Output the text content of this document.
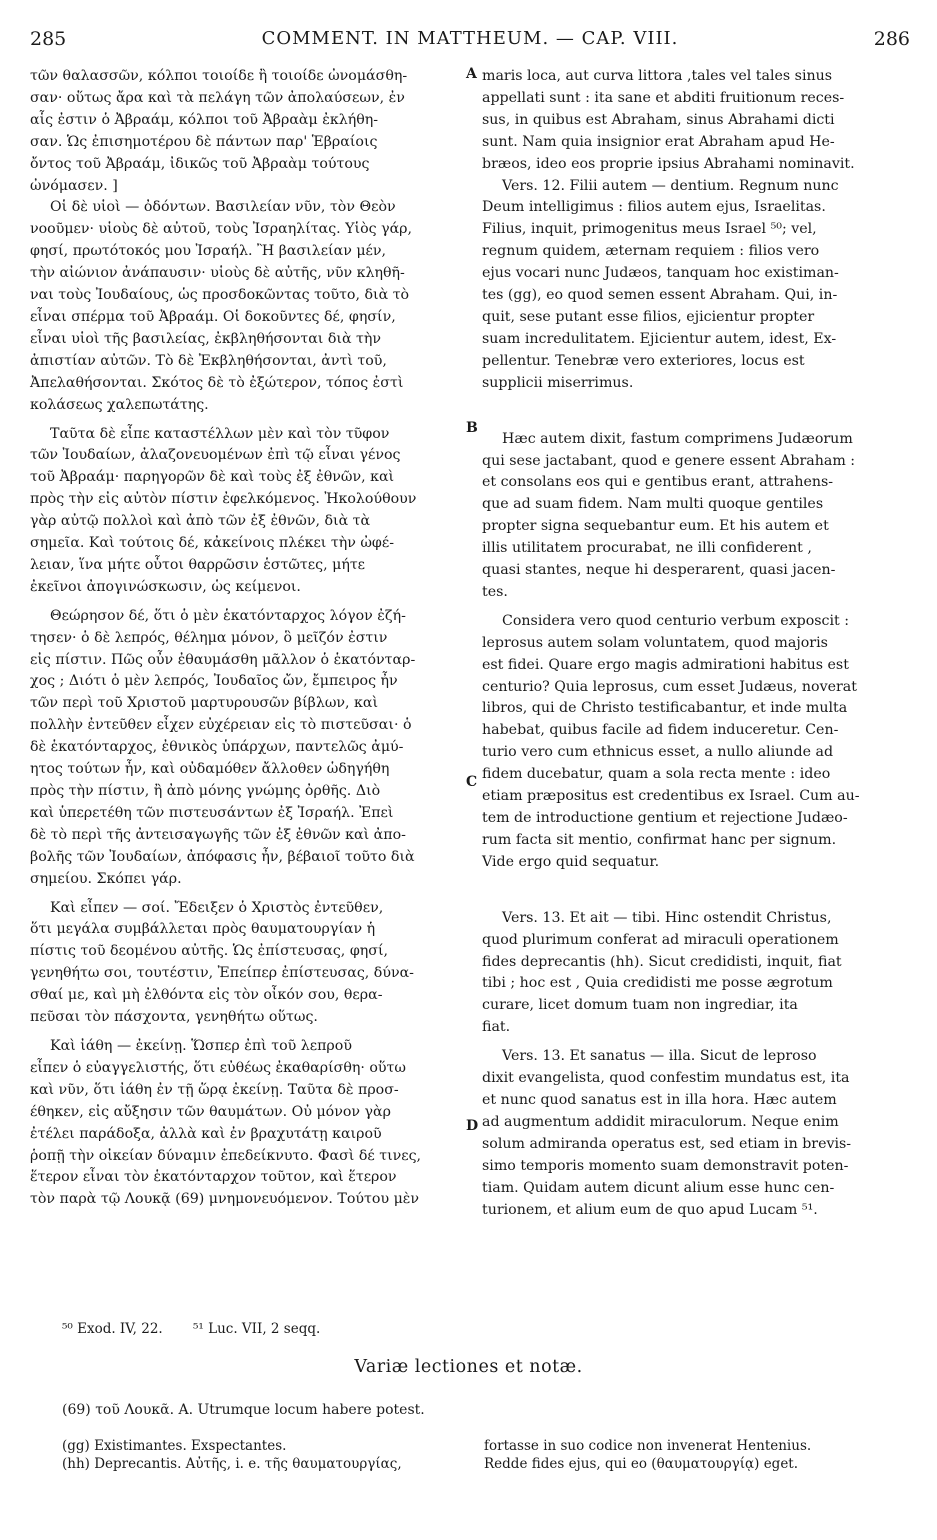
285	COMMENT. IN MATTHEUM. — CAP. VIII.	286

τῶν θαλασσῶν, κόλποι τοιοίδε ἢ τοιοίδε ὠνομάσθη-

σαν· οὕτως ἄρα καὶ τὰ πελάγη τῶν ἀπολαύσεων, ἐν

αἷς ἐστιν ὁ Ἀβραάμ, κόλποι τοῦ Ἀβραὰμ ἐκλήθη-

σαν. Ὡς ἐπισημοτέρου δὲ πάντων παρ' Ἑβραίοις

ὄντος τοῦ Ἀβραάμ, ἰδικῶς τοῦ Ἀβραὰμ τούτους

ὠνόμασεν. ]

Οἱ δὲ υἱοὶ — ὀδόντων. Βασιλείαν νῦν, τὸν Θεὸν

νοοῦμεν· υἱοὺς δὲ αὐτοῦ, τοὺς Ἰσραηλίτας. Υἱὸς γάρ,

φησί, πρωτότοκός μου Ἰσραήλ. Ἢ βασιλείαν μέν,

τὴν αἰώνιον ἀνάπαυσιν· υἱοὺς δὲ αὐτῆς, νῦν κληθῆ-

ναι τοὺς Ἰουδαίους, ὡς προσδοκῶντας τοῦτο, διὰ τὸ

εἶναι σπέρμα τοῦ Ἀβραάμ. Οἱ δοκοῦντες δέ, φησίν,

εἶναι υἱοὶ τῆς βασιλείας, ἐκβληθήσονται διὰ τὴν

ἀπιστίαν αὐτῶν. Τὸ δὲ Ἐκβληθήσονται, ἀντὶ τοῦ,

Ἀπελαθήσονται. Σκότος δὲ τὸ ἐξώτερον, τόπος ἐστὶ

κολάσεως χαλεπωτάτης.

Ταῦτα δὲ εἶπε καταστέλλων μὲν καὶ τὸν τῦφον

τῶν Ἰουδαίων, ἀλαζονευομένων ἐπὶ τῷ εἶναι γένος

τοῦ Ἀβραάμ· παρηγορῶν δὲ καὶ τοὺς ἐξ ἐθνῶν, καὶ

πρὸς τὴν εἰς αὐτὸν πίστιν ἐφελκόμενος. Ἠκολούθουν

γὰρ αὐτῷ πολλοὶ καὶ ἀπὸ τῶν ἐξ ἐθνῶν, διὰ τὰ

σημεῖα. Καὶ τούτοις δέ, κἀκείνοις πλέκει τὴν ὠφέ-

λειαν, ἵνα μήτε οὗτοι θαρρῶσιν ἑστῶτες, μήτε

ἐκεῖνοι ἀπογινώσκωσιν, ὡς κείμενοι.

Θεώρησον δέ, ὅτι ὁ μὲν ἑκατόνταρχος λόγον ἐζή-

τησεν· ὁ δὲ λεπρός, θέλημα μόνον, ὃ μεῖζόν ἐστιν

εἰς πίστιν. Πῶς οὖν ἐθαυμάσθη μᾶλλον ὁ ἑκατόνταρ-

χος ; Διότι ὁ μὲν λεπρός, Ἰουδαῖος ὤν, ἔμπειρος ἦν

τῶν περὶ τοῦ Χριστοῦ μαρτυρουσῶν βίβλων, καὶ

πολλὴν ἐντεῦθεν εἶχεν εὐχέρειαν εἰς τὸ πιστεῦσαι· ὁ

δὲ ἑκατόνταρχος, ἐθνικὸς ὑπάρχων, παντελῶς ἀμύ-

ητος τούτων ἦν, καὶ οὐδαμόθεν ἄλλοθεν ὡδηγήθη

πρὸς τὴν πίστιν, ἢ ἀπὸ μόνης γνώμης ὀρθῆς. Διὸ

καὶ ὑπερετέθη τῶν πιστευσάντων ἐξ Ἰσραήλ. Ἐπεὶ

δὲ τὸ περὶ τῆς ἀντεισαγωγῆς τῶν ἐξ ἐθνῶν καὶ ἀπο-

βολῆς τῶν Ἰουδαίων, ἀπόφασις ἦν, βέβαιοῖ τοῦτο διὰ

σημείου. Σκόπει γάρ.

Καὶ εἶπεν — σοί. Ἔδειξεν ὁ Χριστὸς ἐντεῦθεν,

ὅτι μεγάλα συμβάλλεται πρὸς θαυματουργίαν ἡ

πίστις τοῦ δεομένου αὐτῆς. Ὡς ἐπίστευσας, φησί,

γενηθήτω σοι, τουτέστιν, Ἐπείπερ ἐπίστευσας, δύνα-

σθαί με, καὶ μὴ ἐλθόντα εἰς τὸν οἶκόν σου, θερα-

πεῦσαι τὸν πάσχοντα, γενηθήτω οὕτως.

Καὶ ἰάθη — ἐκείνῃ. Ὥσπερ ἐπὶ τοῦ λεπροῦ

εἶπεν ὁ εὐαγγελιστής, ὅτι εὐθέως ἐκαθαρίσθη· οὕτω

καὶ νῦν, ὅτι ἰάθη ἐν τῇ ὥρᾳ ἐκείνῃ. Ταῦτα δὲ προσ-

έθηκεν, εἰς αὔξησιν τῶν θαυμάτων. Οὐ μόνον γὰρ

ἐτέλει παράδοξα, ἀλλὰ καὶ ἐν βραχυτάτῃ καιροῦ

ῥοπῇ τὴν οἰκείαν δύναμιν ἐπεδείκνυτο. Φασὶ δέ τινες,

ἕτερον εἶναι τὸν ἑκατόνταρχον τοῦτον, καὶ ἕτερον

τὸν παρὰ τῷ Λουκᾷ (69) μνημονευόμενον. Τούτου μὲν

A
B
C
D

maris loca, aut curva littora ,tales vel tales sinus

appellati sunt : ita sane et abditi fruitionum reces-

sus, in quibus est Abraham, sinus Abrahami dicti

sunt. Nam quia insignior erat Abraham apud He-

bræos, ideo eos proprie ipsius Abrahami nominavit.

Vers. 12. Filii autem — dentium. Regnum nunc

Deum intelligimus : filios autem ejus, Israelitas.

Filius, inquit, primogenitus meus Israel ⁵⁰; vel,

regnum quidem, æternam requiem : filios vero

ejus vocari nunc Judæos, tanquam hoc existiman-

tes (gg), eo quod semen essent Abraham. Qui, in-

quit, sese putant esse filios, ejicientur propter

suam incredulitatem. Ejicientur autem, idest, Ex-

pellentur. Tenebræ vero exteriores, locus est

supplicii miserrimus.

Hæc autem dixit, fastum comprimens Judæorum

qui sese jactabant, quod e genere essent Abraham :

et consolans eos qui e gentibus erant, attrahens-

que ad suam fidem. Nam multi quoque gentiles

propter signa sequebantur eum. Et his autem et

illis utilitatem procurabat, ne illi confiderent ,

quasi stantes, neque hi desperarent, quasi jacen-

tes.

Considera vero quod centurio verbum exposcit :

leprosus autem solam voluntatem, quod majoris

est fidei. Quare ergo magis admirationi habitus est

centurio? Quia leprosus, cum esset Judæus, noverat

libros, qui de Christo testificabantur, et inde multa

habebat, quibus facile ad fidem induceretur. Cen-

turio vero cum ethnicus esset, a nullo aliunde ad

fidem ducebatur, quam a sola recta mente : ideo

etiam præpositus est credentibus ex Israel. Cum au-

tem de introductione gentium et rejectione Judæo-

rum facta sit mentio, confirmat hanc per signum.

Vide ergo quid sequatur.

Vers. 13. Et ait — tibi. Hinc ostendit Christus,

quod plurimum conferat ad miraculi operationem

fides deprecantis (hh). Sicut credidisti, inquit, fiat

tibi ; hoc est , Quia credidisti me posse ægrotum

curare, licet domum tuam non ingrediar, ita

fiat.

Vers. 13. Et sanatus — illa. Sicut de leproso

dixit evangelista, quod confestim mundatus est, ita

et nunc quod sanatus est in illa hora. Hæc autem

ad augmentum addidit miraculorum. Neque enim

solum admiranda operatus est, sed etiam in brevis-

simo temporis momento suam demonstravit poten-

tiam. Quidam autem dicunt alium esse hunc cen-

turionem, et alium eum de quo apud Lucam ⁵¹.

⁵⁰ Exod. IV, 22. ⁵¹ Luc. VII, 2 seqq.
Variæ lectiones et notæ.
(69) τοῦ Λουκᾶ. A. Utrumque locum habere potest.

(gg) Existimantes. Exspectantes.

(hh) Deprecantis. Αὐτῆς, i. e. τῆς θαυματουργίας,

fortasse in suo codice non invenerat Hentenius.

Redde fides ejus, qui eo (θαυματουργίᾳ) eget.
